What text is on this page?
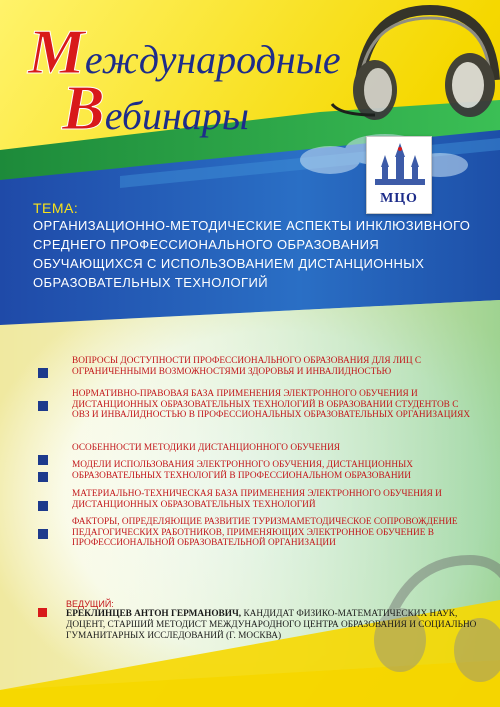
Международные
Вебинары
МЦО
ТЕМА:
ОРГАНИЗАЦИОННО-МЕТОДИЧЕСКИЕ АСПЕКТЫ ИНКЛЮЗИВНОГО СРЕДНЕГО ПРОФЕССИОНАЛЬНОГО ОБРАЗОВАНИЯ ОБУЧАЮЩИХСЯ С ИСПОЛЬЗОВАНИЕМ ДИСТАНЦИОННЫХ ОБРАЗОВАТЕЛЬНЫХ ТЕХНОЛОГИЙ
ВОПРОСЫ ДОСТУПНОСТИ ПРОФЕССИОНАЛЬНОГО ОБРАЗОВАНИЯ ДЛЯ ЛИЦ С ОГРАНИЧЕННЫМИ ВОЗМОЖНОСТЯМИ ЗДОРОВЬЯ И ИНВАЛИДНОСТЬЮ
НОРМАТИВНО-ПРАВОВАЯ БАЗА ПРИМЕНЕНИЯ ЭЛЕКТРОННОГО ОБУЧЕНИЯ И ДИСТАНЦИОННЫХ ОБРАЗОВАТЕЛЬНЫХ ТЕХНОЛОГИЙ В ОБРАЗОВАНИИ СТУДЕНТОВ С ОВЗ И ИНВАЛИДНОСТЬЮ В ПРОФЕССИОНАЛЬНЫХ ОБРАЗОВАТЕЛЬНЫХ ОРГАНИЗАЦИЯХ
ОСОБЕННОСТИ МЕТОДИКИ ДИСТАНЦИОННОГО ОБУЧЕНИЯ
МОДЕЛИ ИСПОЛЬЗОВАНИЯ ЭЛЕКТРОННОГО ОБУЧЕНИЯ, ДИСТАНЦИОННЫХ ОБРАЗОВАТЕЛЬНЫХ ТЕХНОЛОГИЙ В ПРОФЕССИОНАЛЬНОМ ОБРАЗОВАНИИ
МАТЕРИАЛЬНО-ТЕХНИЧЕСКАЯ БАЗА ПРИМЕНЕНИЯ ЭЛЕКТРОННОГО ОБУЧЕНИЯ И ДИСТАНЦИОННЫХ ОБРАЗОВАТЕЛЬНЫХ ТЕХНОЛОГИЙ
ФАКТОРЫ, ОПРЕДЕЛЯЮЩИЕ РАЗВИТИЕ ТУРИЗМАМЕТОДИЧЕСКОЕ СОПРОВОЖДЕНИЕ ПЕДАГОГИЧЕСКИХ РАБОТНИКОВ, ПРИМЕНЯЮЩИХ ЭЛЕКТРОННОЕ ОБУЧЕНИЕ В ПРОФЕССИОНАЛЬНОЙ ОБРАЗОВАТЕЛЬНОЙ ОРГАНИЗАЦИИ
ВЕДУЩИЙ:
ЕРЕКЛИНЦЕВ АНТОН ГЕРМАНОВИЧ, КАНДИДАТ ФИЗИКО-МАТЕМАТИЧЕСКИХ НАУК, ДОЦЕНТ, СТАРШИЙ МЕТОДИСТ МЕЖДУНАРОДНОГО ЦЕНТРА ОБРАЗОВАНИЯ И СОЦИАЛЬНО ГУМАНИТАРНЫХ ИССЛЕДОВАНИЙ (Г. МОСКВА)
